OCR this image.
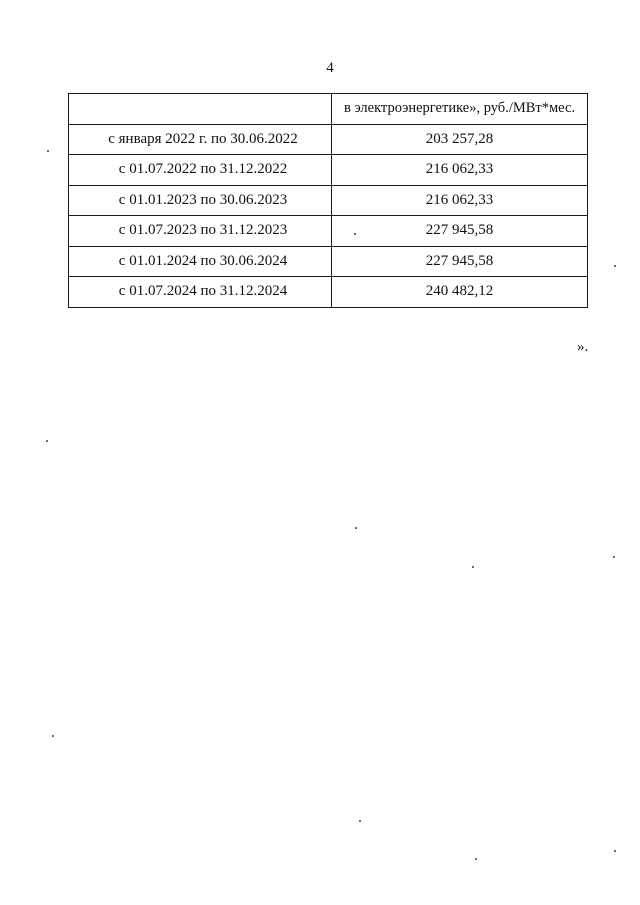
4
	в электроэнергетике», руб./МВт*мес.
с января 2022 г. по 30.06.2022	203 257,28
с 01.07.2022 по 31.12.2022	216 062,33
с 01.01.2023 по 30.06.2023	216 062,33
с 01.07.2023 по 31.12.2023	227 945,58
с 01.01.2024 по 30.06.2024	227 945,58
с 01.07.2024 по 31.12.2024	240 482,12
».
